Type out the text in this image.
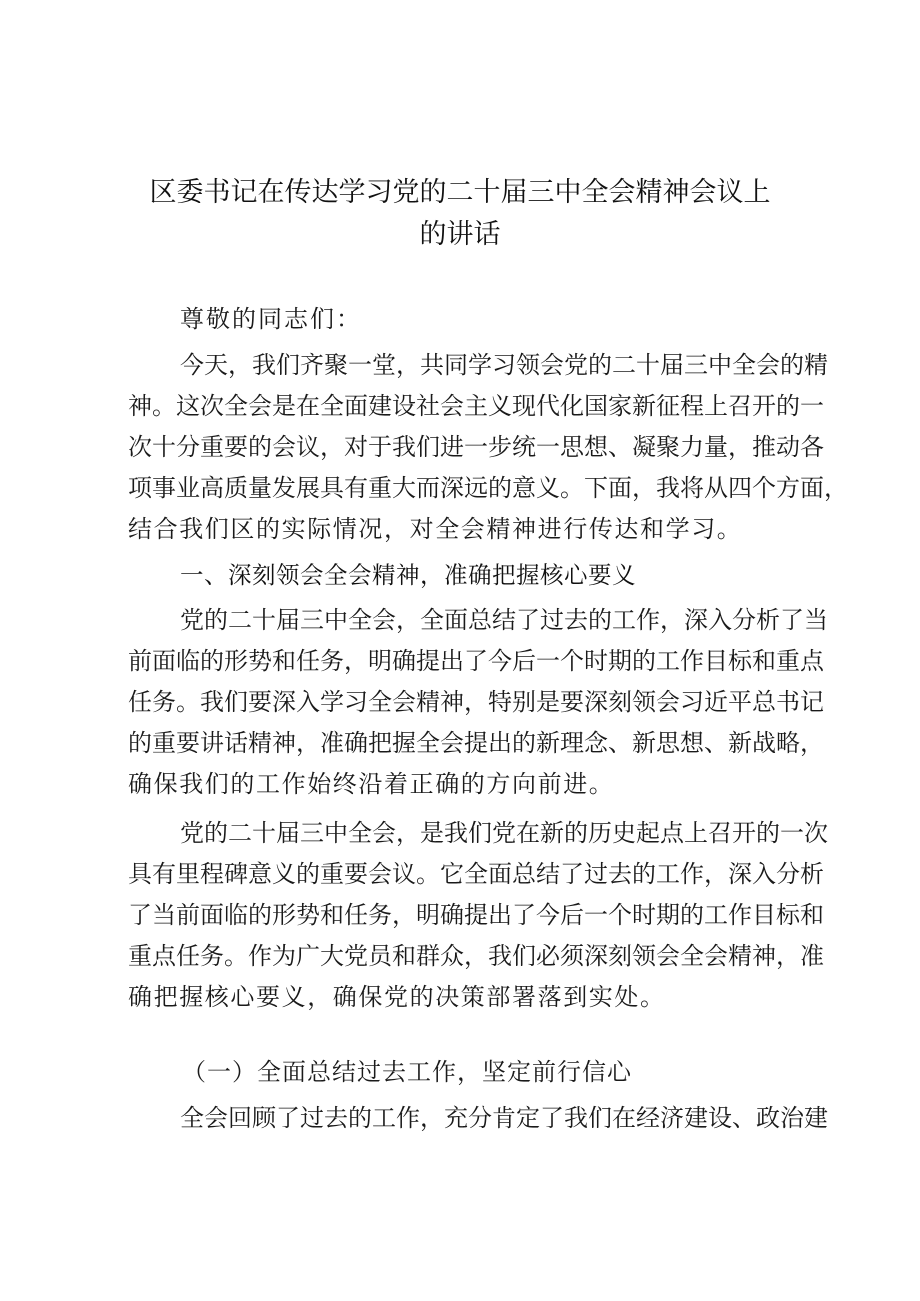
区委书记在传达学习党的二十届三中全会精神会议上
的讲话
尊敬的同志们：
今天，我们齐聚一堂，共同学习领会党的二十届三中全会的精
神。这次全会是在全面建设社会主义现代化国家新征程上召开的一
次十分重要的会议，对于我们进一步统一思想、凝聚力量，推动各
项事业高质量发展具有重大而深远的意义。下面，我将从四个方面，
结合我们区的实际情况，对全会精神进行传达和学习。
一、深刻领会全会精神，准确把握核心要义
党的二十届三中全会，全面总结了过去的工作，深入分析了当
前面临的形势和任务，明确提出了今后一个时期的工作目标和重点
任务。我们要深入学习全会精神，特别是要深刻领会习近平总书记
的重要讲话精神，准确把握全会提出的新理念、新思想、新战略，
确保我们的工作始终沿着正确的方向前进。
党的二十届三中全会，是我们党在新的历史起点上召开的一次
具有里程碑意义的重要会议。它全面总结了过去的工作，深入分析
了当前面临的形势和任务，明确提出了今后一个时期的工作目标和
重点任务。作为广大党员和群众，我们必须深刻领会全会精神，准
确把握核心要义，确保党的决策部署落到实处。
（一）全面总结过去工作，坚定前行信心
全会回顾了过去的工作，充分肯定了我们在经济建设、政治建
